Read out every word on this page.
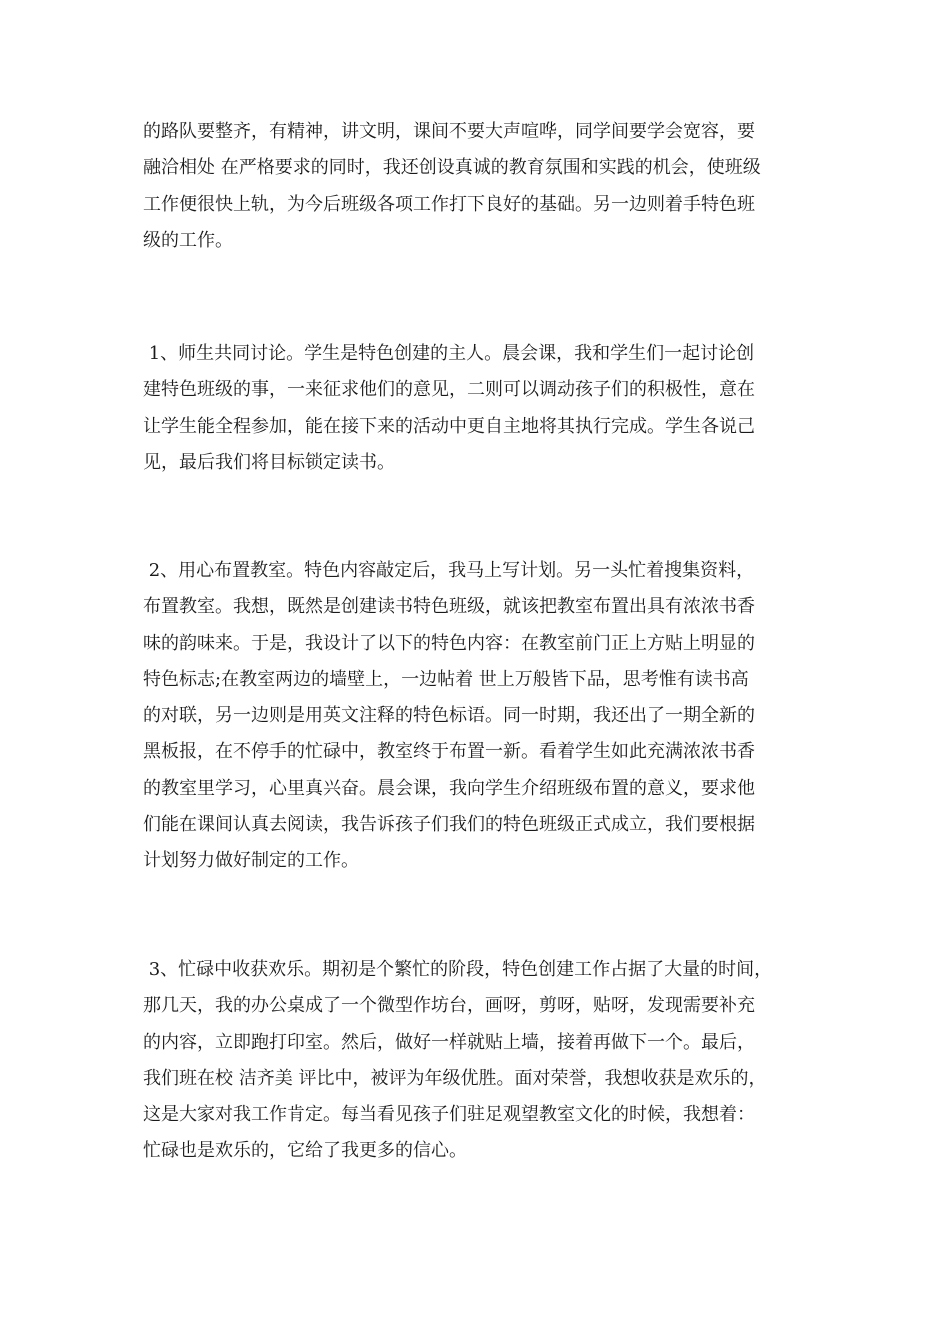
的路队要整齐，有精神，讲文明，课间不要大声喧哗，同学间要学会宽容，要
融洽相处 在严格要求的同时，我还创设真诚的教育氛围和实践的机会，使班级
工作便很快上轨，为今后班级各项工作打下良好的基础。另一边则着手特色班
级的工作。
1、师生共同讨论。学生是特色创建的主人。晨会课，我和学生们一起讨论创
建特色班级的事，一来征求他们的意见，二则可以调动孩子们的积极性，意在
让学生能全程参加，能在接下来的活动中更自主地将其执行完成。学生各说己
见，最后我们将目标锁定读书。
2、用心布置教室。特色内容敲定后，我马上写计划。另一头忙着搜集资料，
布置教室。我想，既然是创建读书特色班级，就该把教室布置出具有浓浓书香
味的韵味来。于是，我设计了以下的特色内容：在教室前门正上方贴上明显的
特色标志;在教室两边的墙壁上，一边帖着 世上万般皆下品，思考惟有读书高
的对联，另一边则是用英文注释的特色标语。同一时期，我还出了一期全新的
黑板报，在不停手的忙碌中，教室终于布置一新。看着学生如此充满浓浓书香
的教室里学习，心里真兴奋。晨会课，我向学生介绍班级布置的意义，要求他
们能在课间认真去阅读，我告诉孩子们我们的特色班级正式成立，我们要根据
计划努力做好制定的工作。
3、忙碌中收获欢乐。期初是个繁忙的阶段，特色创建工作占据了大量的时间，
那几天，我的办公桌成了一个微型作坊台，画呀，剪呀，贴呀，发现需要补充
的内容，立即跑打印室。然后，做好一样就贴上墙，接着再做下一个。最后，
我们班在校 洁齐美 评比中，被评为年级优胜。面对荣誉，我想收获是欢乐的，
这是大家对我工作肯定。每当看见孩子们驻足观望教室文化的时候，我想着：
忙碌也是欢乐的，它给了我更多的信心。
